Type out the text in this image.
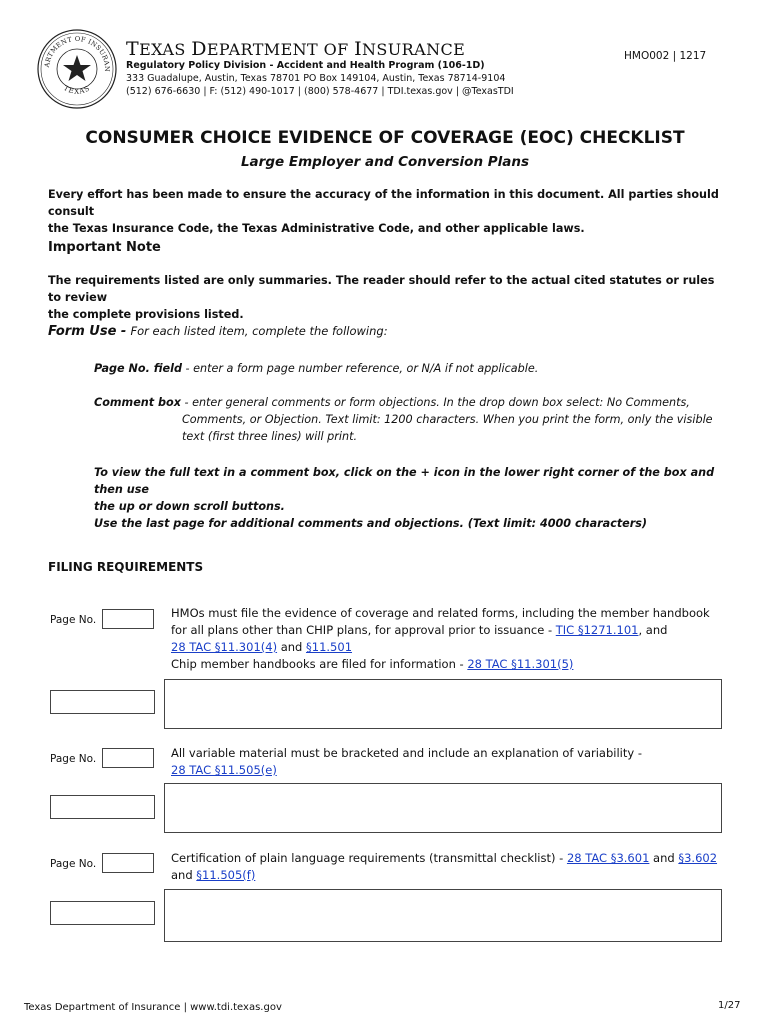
ARTMENT OF INSURAN
TEXAS
TEXAS DEPARTMENT OF INSURANCE
Regulatory Policy Division - Accident and Health Program (106-1D)
333 Guadalupe, Austin, Texas 78701 PO Box 149104, Austin, Texas 78714-9104
(512) 676-6630 | F: (512) 490-1017 | (800) 578-4677 | TDI.texas.gov | @TexasTDI
HMO002 | 1217
CONSUMER CHOICE EVIDENCE OF COVERAGE (EOC) CHECKLIST
Large Employer and Conversion Plans
Every effort has been made to ensure the accuracy of the information in this document. All parties should consult
the Texas Insurance Code, the Texas Administrative Code, and other applicable laws.
Important Note
The requirements listed are only summaries. The reader should refer to the actual cited statutes or rules to review
the complete provisions listed.
Form Use - For each listed item, complete the following:
Page No. field - enter a form page number reference, or N/A if not applicable.
Comment box - enter general comments or form objections. In the drop down box select: No Comments,
Comments, or Objection. Text limit: 1200 characters. When you print the form, only the visible
text (first three lines) will print.
To view the full text in a comment box, click on the + icon in the lower right corner of the box and then use
the up or down scroll buttons.
Use the last page for additional comments and objections. (Text limit: 4000 characters)
FILING REQUIREMENTS
Page No.	HMOs must file the evidence of coverage and related forms, including the member handbook
for all plans other than CHIP plans, for approval prior to issuance - TIC §1271.101, and
28 TAC §11.301(4) and §11.501
Chip member handbooks are filed for information - 28 TAC §11.301(5)
Page No.	All variable material must be bracketed and include an explanation of variability -
28 TAC §11.505(e)
Page No.	Certification of plain language requirements (transmittal checklist) - 28 TAC §3.601 and §3.602
and §11.505(f)
Texas Department of Insurance | www.tdi.texas.gov	1/27
